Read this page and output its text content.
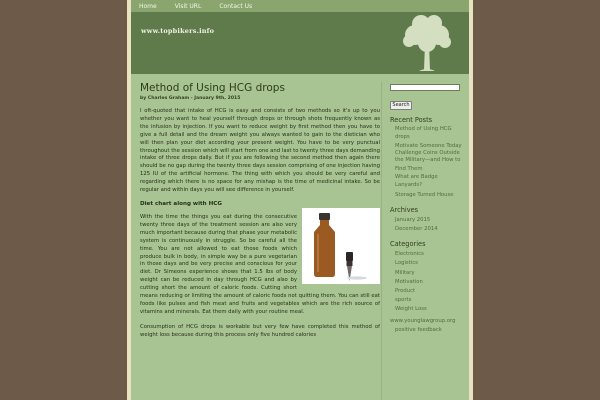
Home	Visit URL	Contact Us
www.topbikers.info
Method of Using HCG drops
by Charles Graham - January 9th, 2015

I oft-quoted that intake of HCG is easy and consists of two methods so it's up to you whether you want to heal yourself through drops or through shots frequently known as the infusion by injection. If you want to reduce weight by first method then you have to give a full detail and the dream weight you always wanted to gain to the dietician who will then plan your diet according your present weight. You have to be very punctual throughout the session which will start from one and last to twenty three days demanding intake of three drops daily. But if you are following the second method then again there should be no gap during the twenty three days session comprising of one injection having 125 IU of the artificial hormone. The thing with which you should be very careful and regarding which there is no space for any mishap is the time of medicinal intake. So be regular and within days you will see difference in yourself.

Diet chart along with HCG

With the time the things you eat during the consecutive twenty three days of the treatment session are also very much important because during that phase your metabolic system is continuously in struggle. So be careful all the time. You are not allowed to eat those foods which produce bulk in body, in simple way be a pure vegetarian in those days and be very precise and conscious for your diet. Dr Simeons experience shows that 1.5 lbs of body weight can be reduced in day through HCG and also by cutting short the amount of caloric foods. Cutting short means reducing or limiting the amount of caloric foods not quitting them. You can still eat foods like pulses and fish meat and fruits and vegetables which are the rich source of vitamins and minerals. Eat them daily with your routine meal.

Consumption of HCG drops is workable but very few have completed this method of weight loss because during this process only five hundred calories

Search
Recent Posts
Method of Using HCG
drops
Motivate Someone Today
Challenge Coins Outside
the Military—and How to
Find Them
What are Badge
Lanyards?
Storage Turned House
Archives
January 2015
December 2014
Categories
Electronics
Logistics
Military
Motivation
Product
sports
Weight Loss
www.younglawgroup.org
positive feedback
